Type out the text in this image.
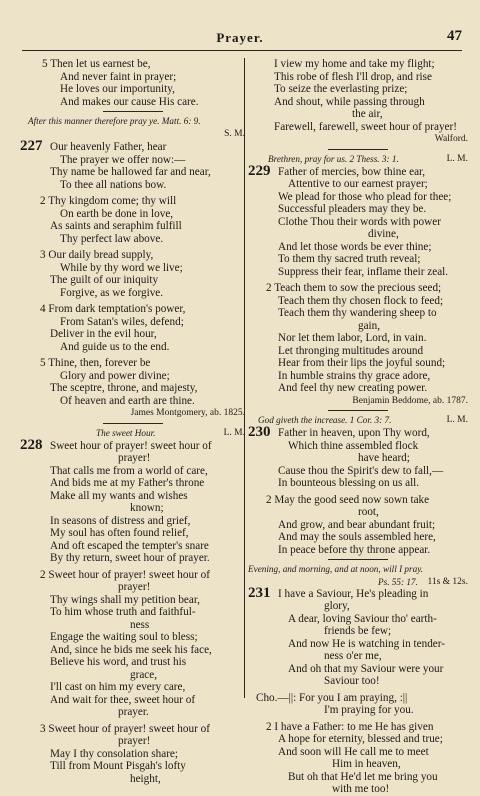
Prayer.	47
5 Then let us earnest be,
And never faint in prayer;
He loves our importunity,
And makes our cause His care.
After this manner therefore pray ye. Matt. 6: 9.
S. M.
227 Our heavenly Father, hear
The prayer we offer now:—
Thy name be hallowed far and near,
To thee all nations bow.
2 Thy kingdom come; thy will
On earth be done in love,
As saints and seraphim fulfill
Thy perfect law above.
3 Our daily bread supply,
While by thy word we live;
The guilt of our iniquity
Forgive, as we forgive.
4 From dark temptation's power,
From Satan's wiles, defend;
Deliver in the evil hour,
And guide us to the end.
5 Thine, then, forever be
Glory and power divine;
The sceptre, throne, and majesty,
Of heaven and earth are thine.
James Montgomery, ab. 1825.
The sweet Hour.	L. M.
228 Sweet hour of prayer! sweet hour of
prayer!
That calls me from a world of care,
And bids me at my Father's throne
Make all my wants and wishes
known;
In seasons of distress and grief,
My soul has often found relief,
And oft escaped the tempter's snare
By thy return, sweet hour of prayer.
2 Sweet hour of prayer! sweet hour of
prayer!
Thy wings shall my petition bear,
To him whose truth and faithful-
ness
Engage the waiting soul to bless;
And, since he bids me seek his face,
Believe his word, and trust his
grace,
I'll cast on him my every care,
And wait for thee, sweet hour of
prayer.
3 Sweet hour of prayer! sweet hour of
prayer!
May I thy consolation share;
Till from Mount Pisgah's lofty
height,
I view my home and take my flight;
This robe of flesh I'll drop, and rise
To seize the everlasting prize;
And shout, while passing through
the air,
Farewell, farewell, sweet hour of prayer!
Walford.
Brethren, pray for us. 2 Thess. 3: 1.	L. M.
229 Father of mercies, bow thine ear,
Attentive to our earnest prayer;
We plead for those who plead for thee;
Successful pleaders may they be.
Clothe Thou their words with power
divine,
And let those words be ever thine;
To them thy sacred truth reveal;
Suppress their fear, inflame their zeal.
2 Teach them to sow the precious seed;
Teach them thy chosen flock to feed;
Teach them thy wandering sheep to
gain,
Nor let them labor, Lord, in vain.
Let thronging multitudes around
Hear from their lips the joyful sound;
In humble strains thy grace adore,
And feel thy new creating power.
Benjamin Beddome, ab. 1787.
God giveth the increase. 1 Cor. 3: 7.	L. M.
230 Father in heaven, upon Thy word,
Which thine assembled flock
have heard;
Cause thou the Spirit's dew to fall,—
In bounteous blessing on us all.
2 May the good seed now sown take
root,
And grow, and bear abundant fruit;
And may the souls assembled here,
In peace before thy throne appear.
Evening, and morning, and at noon, will I pray.
Ps. 55: 17. 11s & 12s.
231 I have a Saviour, He's pleading in
glory,
A dear, loving Saviour tho' earth-
friends be few;
And now He is watching in tender-
ness o'er me,
And oh that my Saviour were your
Saviour too!
Cho.—||: For you I am praying, :||
I'm praying for you.
2 I have a Father: to me He has given
A hope for eternity, blessed and true;
And soon will He call me to meet
Him in heaven,
But oh that He'd let me bring you
with me too!
